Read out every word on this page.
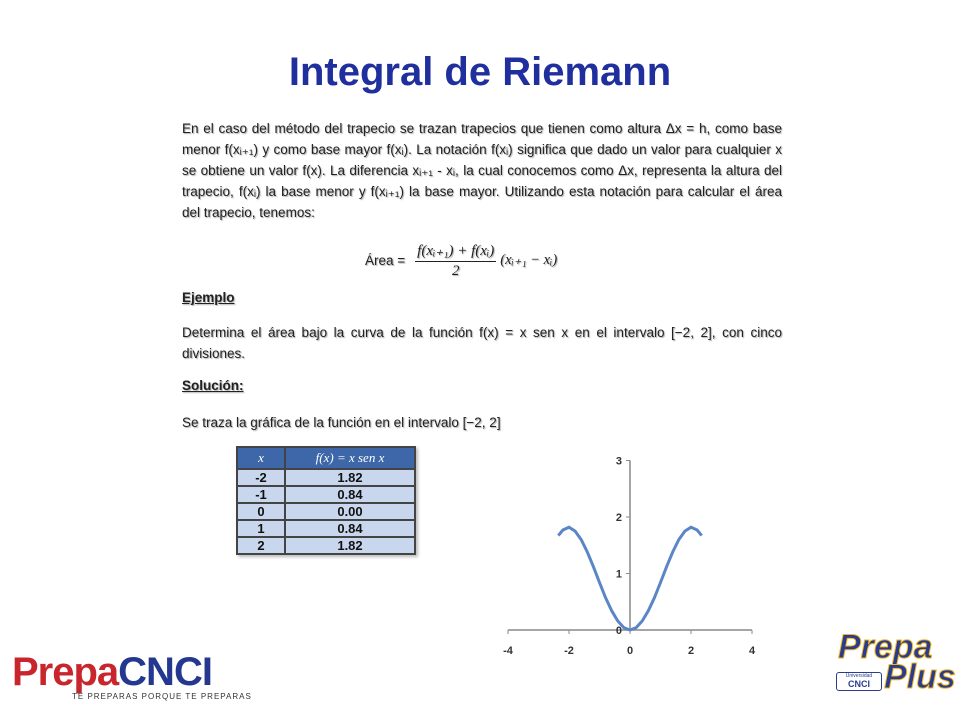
Integral de Riemann
En el caso del método del trapecio se trazan trapecios que tienen como altura Δx = h, como base menor f(xᵢ₊₁) y como base mayor f(xᵢ). La notación f(xᵢ) significa que dado un valor para cualquier x se obtiene un valor f(x). La diferencia xᵢ₊₁ - xᵢ, la cual conocemos como Δx, representa la altura del trapecio, f(xᵢ) la base menor y f(xᵢ₊₁) la base mayor. Utilizando esta notación para calcular el área del trapecio, tenemos:
Área = $\frac{\text{f(xᵢ₊₁) + f(xᵢ)}}{2}$ (xᵢ₊₁ − xᵢ)
Ejemplo
Determina el área bajo la curva de la función f(x) = x sen x en el intervalo [−2, 2], con cinco divisiones.
Solución:
Se traza la gráfica de la función en el intervalo [−2, 2]
x	f(x) = x sen x
-2	1.82
-1	0.84
0	0.00
1	0.84
2	1.82
-4	-2	0	2	4
0
1
2
3
PrepaCNCI
TE PREPARAS PORQUE TE PREPARAS
Prepa
Plus
Universidad
CNCI
